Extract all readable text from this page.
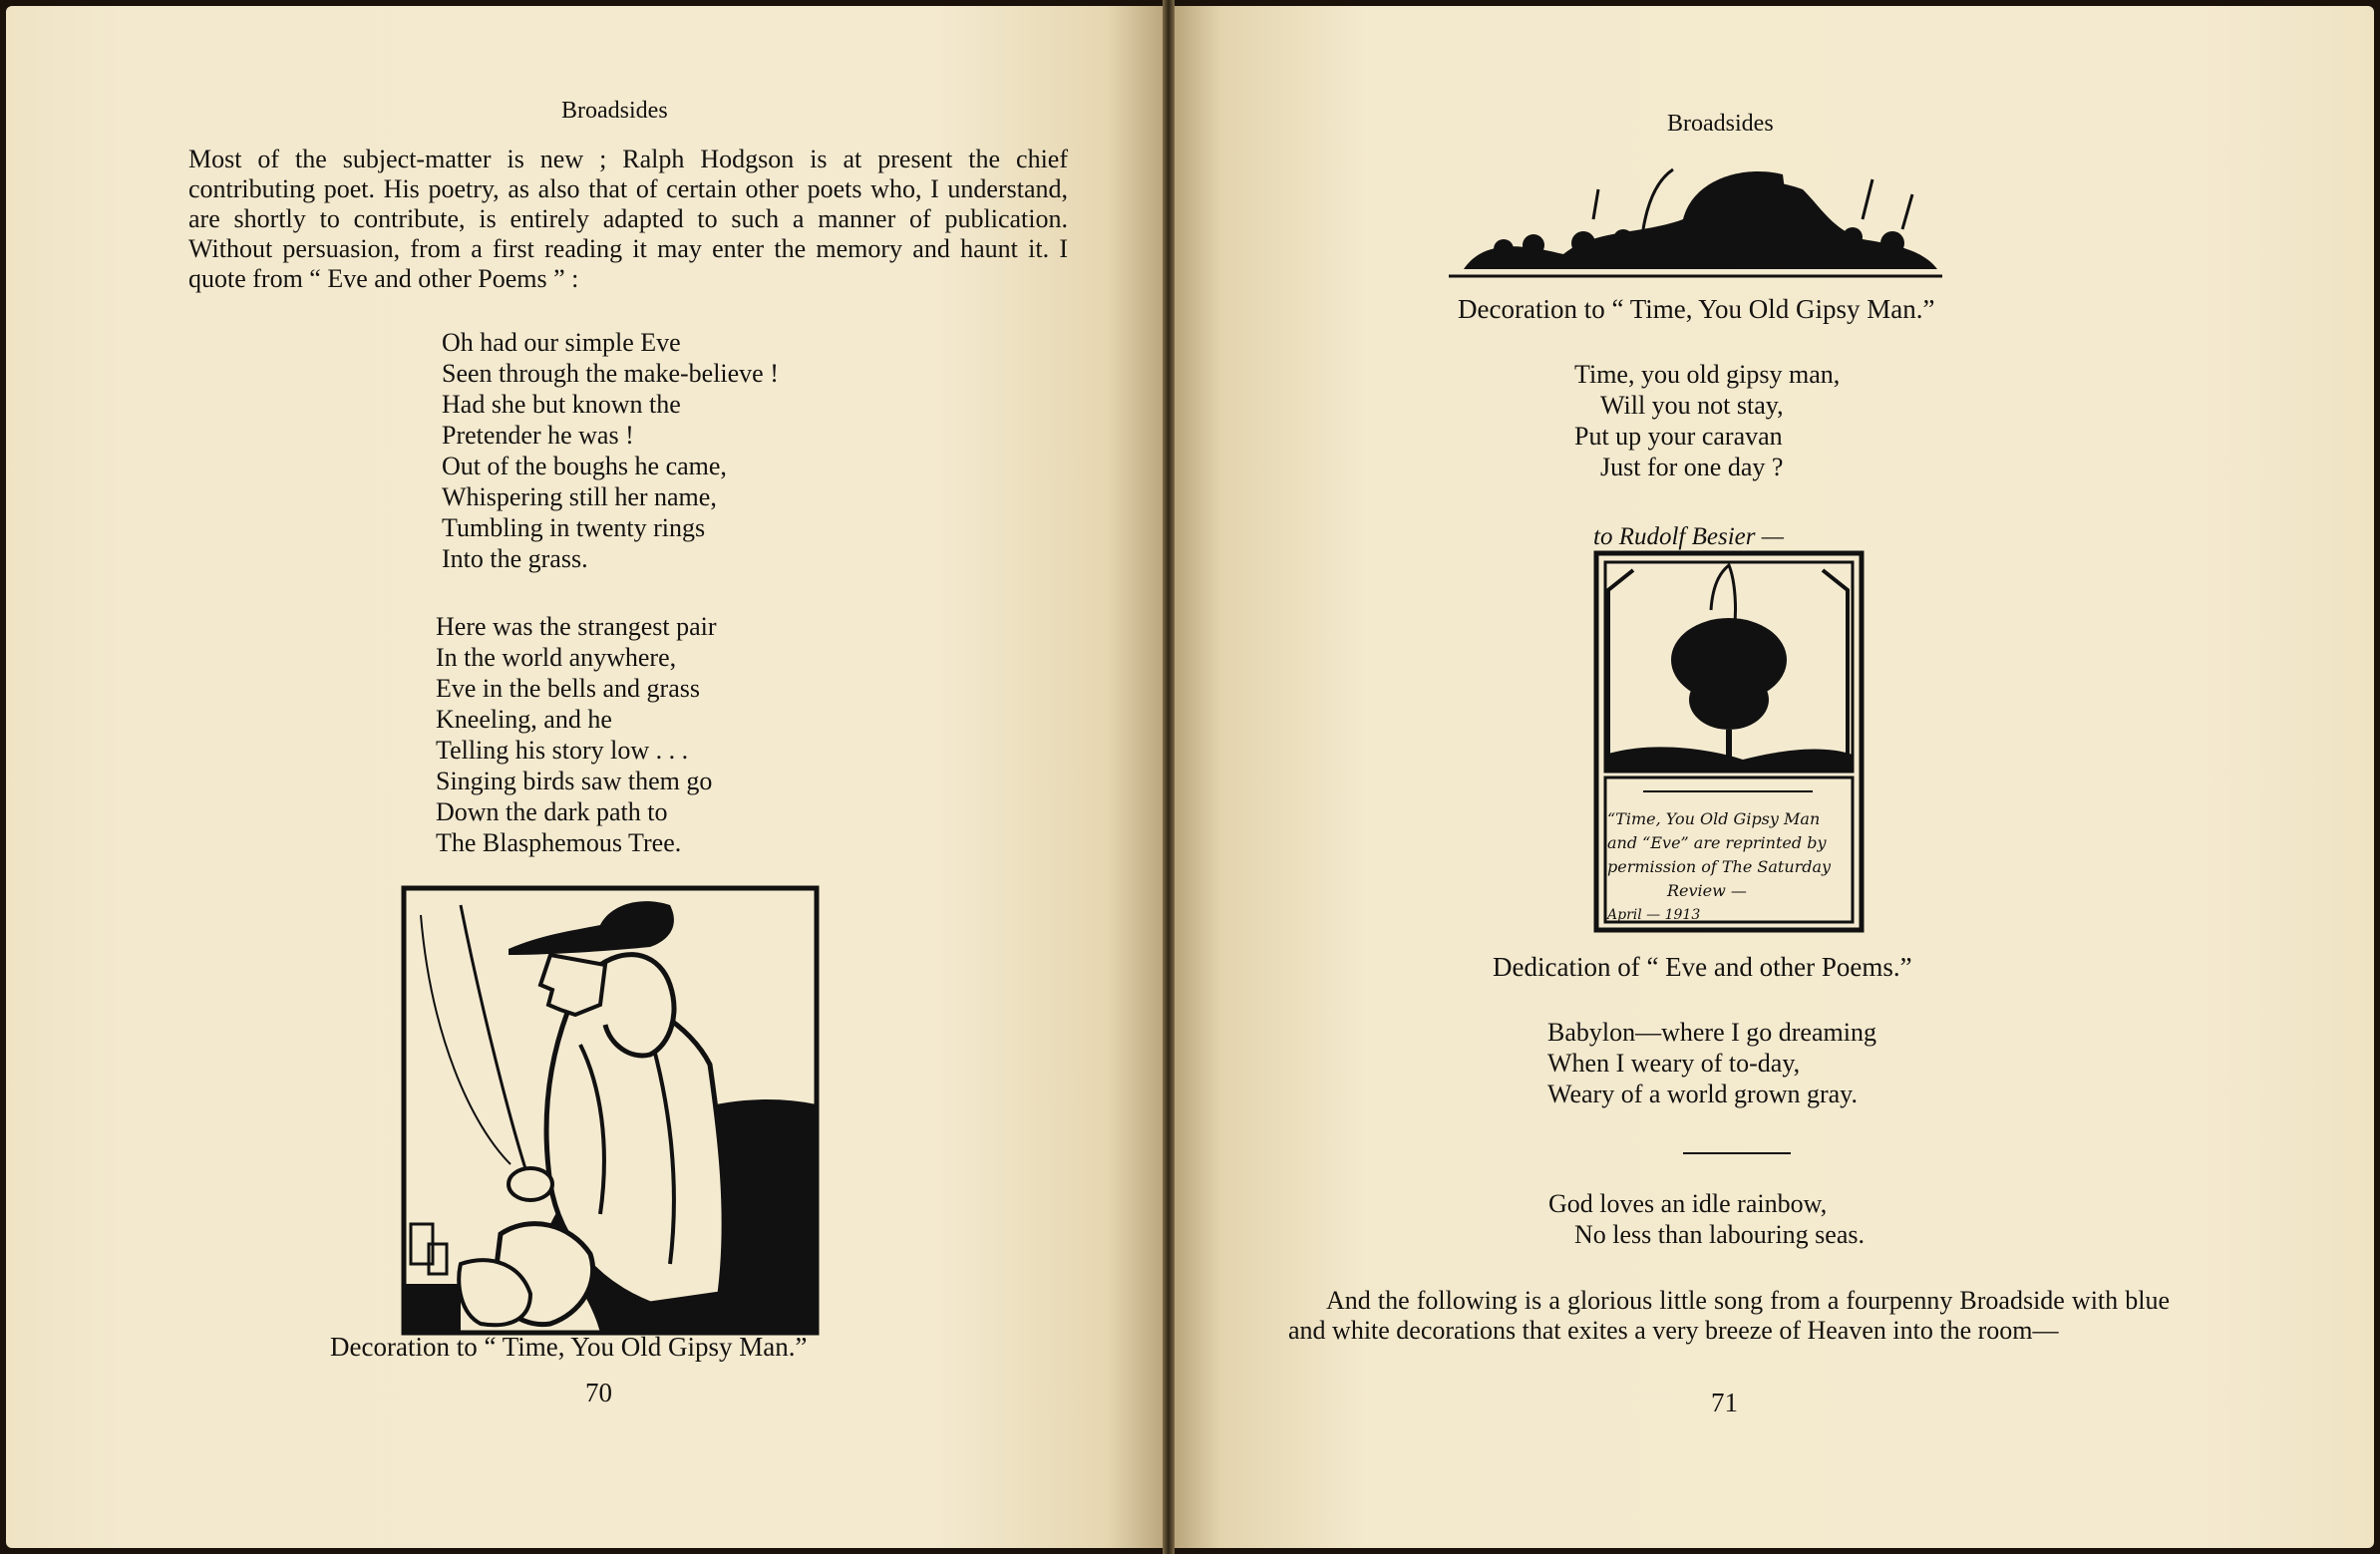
Broadsides

Most of the subject-matter is new ; Ralph Hodgson is at present the chief contributing poet. His poetry, as also that of certain other poets who, I understand, are shortly to contribute, is entirely adapted to such a manner of publication. Without persuasion, from a first reading it may enter the memory and haunt it. I quote from “ Eve and other Poems ” :

Oh had our simple Eve
Seen through the make-believe !
Had she but known the
Pretender he was !
Out of the boughs he came,
Whispering still her name,
Tumbling in twenty rings
Into the grass.
Here was the strangest pair
In the world anywhere,
Eve in the bells and grass
Kneeling, and he
Telling his story low . . .
Singing birds saw them go
Down the dark path to
The Blasphemous Tree.
Decoration to “ Time, You Old Gipsy Man.”
70
Broadsides
Decoration to “ Time, You Old Gipsy Man.”
Time, you old gipsy man,
Will you not stay,
Put up your caravan
Just for one day ?
to Rudolf Besier —
“Time, You Old Gipsy Man
and “Eve” are reprinted by
permission of The Saturday
Review —
April — 1913
Dedication of “ Eve and other Poems.”
Babylon—where I go dreaming
When I weary of to-day,
Weary of a world grown gray.
God loves an idle rainbow,
No less than labouring seas.

And the following is a glorious little song from a fourpenny Broadside with blue and white decorations that exites a very breeze of Heaven into the room—

71
